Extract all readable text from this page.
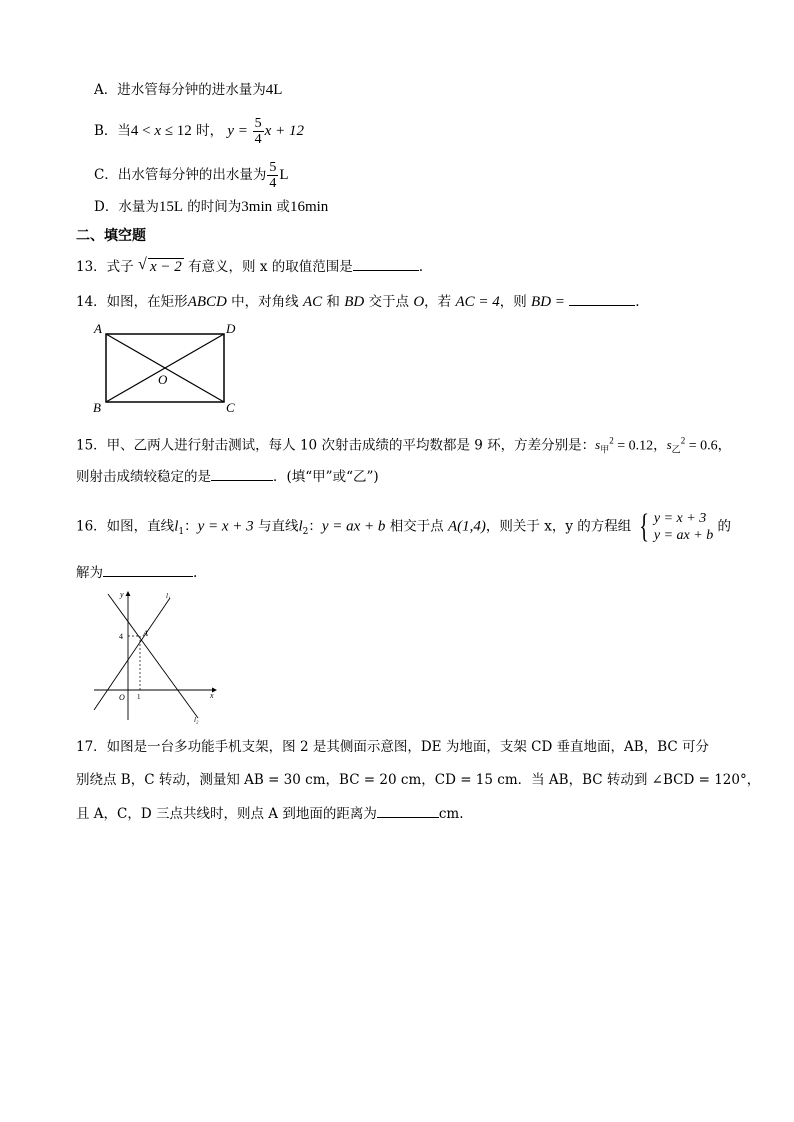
A．进水管每分钟的进水量为4L
B．当4 < x ≤ 12 时， $y = \frac{5}{4}$ x + 12
C．出水管每分钟的出水量为 $\frac{5}{4}$ L
D．水量为15L 的时间为3min 或16min
二、填空题
13．式子 √ x − 2 有意义，则 x 的取值范围是	.
14．如图，在矩形ABCD 中，对角线 AC 和 BD 交于点 O，若 AC = 4，则 BD =	.
A	D
B	C
O
15．甲、乙两人进行射击测试，每人 10 次射击成绩的平均数都是 9 环，方差分别是：$s_甲^2 = 0.12$，$s_乙^2 = 0.6$，
则射击成绩较稳定的是	．(填“甲”或“乙”)
16．如图，直线$l_1$：y = x + 3 与直线$l_2$：y = ax + b 相交于点 A(1,4)，则关于 x，y 的方程组 { y = x + 3
y = ax + b
的
解为	.
y
x
O
4
1
A
l₁
l₂
17．如图是一台多功能手机支架，图 2 是其侧面示意图，DE 为地面，支架 CD 垂直地面，AB，BC 可分
别绕点 B，C 转动，测量知 AB = 30 cm，BC = 20 cm，CD = 15 cm．当 AB，BC 转动到 ∠BCD = 120°，
且 A，C，D 三点共线时，则点 A 到地面的距离为	cm.
